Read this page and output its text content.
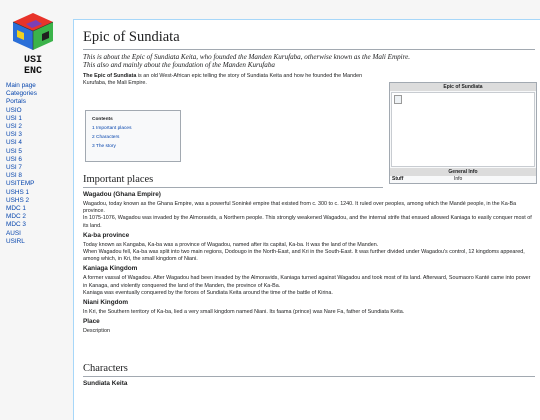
USI
ENC
Main page
Categories
Portals
USIO
USI 1
USI 2
USI 3
USI 4
USI 5
USI 6
USI 7
USI 8
USITEMP
USHS 1
USHS 2
MDC 1
MDC 2
MDC 3
AUSI
USIRL
Epic of Sundiata
This is about the Epic of Sundiata Keita, who founded the Manden Kurufaba, otherwise known as the Mali Empire.
This also and mainly about the foundation of the Manden Kurufaba

The Epic of Sundiata is an old West-African epic telling the story of Sundiata Keita and how he founded the Manden Kurufaba, the Mali Empire.

Contents
1 Important places
2 Characters
3 The story
Epic of Sundiata
General Info
Stuff	Info
Important places
Wagadou (Ghana Empire)

Wagadou, today known as the Ghana Empire, was a powerful Soninké empire that existed from c. 300 to c. 1240. It ruled over peoples, among which the Mandé people, in the Ka-Ba province.

In 1075-1076, Wagadou was invaded by the Almoravids, a Northern people. This strongly weakened Wagadou, and the internal strife that ensued allowed Kaniaga to easily conquer most of its land.

Ka-ba province

Today known as Kangaba, Ka-ba was a province of Wagadou, named after its capital, Ka-ba. It was the land of the Manden.

When Wagadou fell, Ka-ba was split into two main regions, Dodougo in the North-East, and Kri in the South-East. It was further divided under Wagadou's control, 12 kingdoms appeared, among which, in Kri, the small kingdom of Niani.

Kaniaga Kingdom

A former vassal of Wagadou. After Wagadou had been invaded by the Almoravids, Kaniaga turned against Wagadou and took most of its land. Afterward, Soumaoro Kanté came into power in Kanaga, and violently conquered the land of the Manden, the province of Ka-Ba.

Kaniaga was eventually conquered by the forces of Sundiata Keita around the time of the battle of Kirina.

Niani Kingdom

In Kri, the Southern territory of Ka-ba, lied a very small kingdom named Niani. Its faama (prince) was Nare Fa, father of Sundiata Keita.

Place

Description

Characters
Sundiata Keita
